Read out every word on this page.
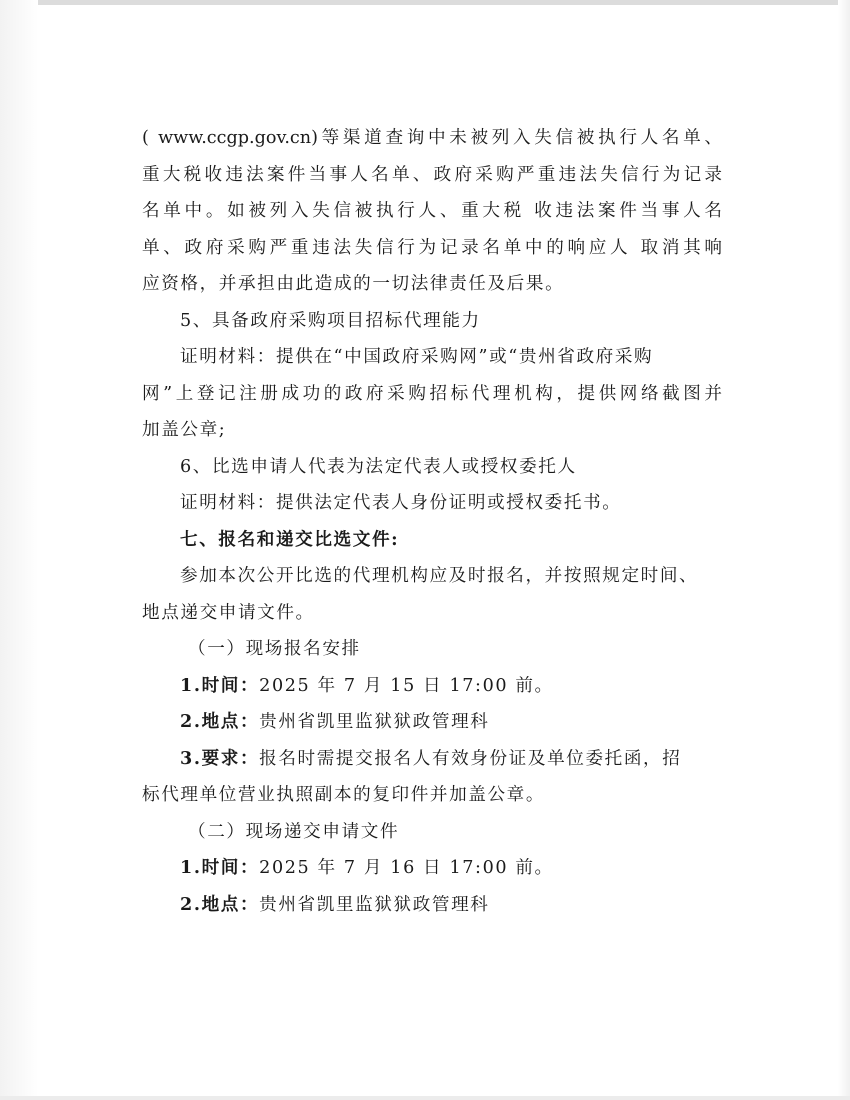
( www.ccgp.gov.cn)等渠道查询中未被列入失信被执行人名单、
重大税收违法案件当事人名单、政府采购严重违法失信行为记录
名单中。如被列入失信被执行人、重大税 收违法案件当事人名
单、政府采购严重违法失信行为记录名单中的响应人 取消其响
应资格，并承担由此造成的一切法律责任及后果。
5、具备政府采购项目招标代理能力
证明材料：提供在“中国政府采购网”或“贵州省政府采购
网”上登记注册成功的政府采购招标代理机构，提供网络截图并
加盖公章;
6、比选申请人代表为法定代表人或授权委托人
证明材料：提供法定代表人身份证明或授权委托书。
七、报名和递交比选文件:
参加本次公开比选的代理机构应及时报名，并按照规定时间、
地点递交申请文件。
（一）现场报名安排
1.时间：2025 年 7 月 15 日 17:00 前。
2.地点：贵州省凯里监狱狱政管理科
3.要求：报名时需提交报名人有效身份证及单位委托函，招
标代理单位营业执照副本的复印件并加盖公章。
（二）现场递交申请文件
1.时间：2025 年 7 月 16 日 17:00 前。
2.地点：贵州省凯里监狱狱政管理科
